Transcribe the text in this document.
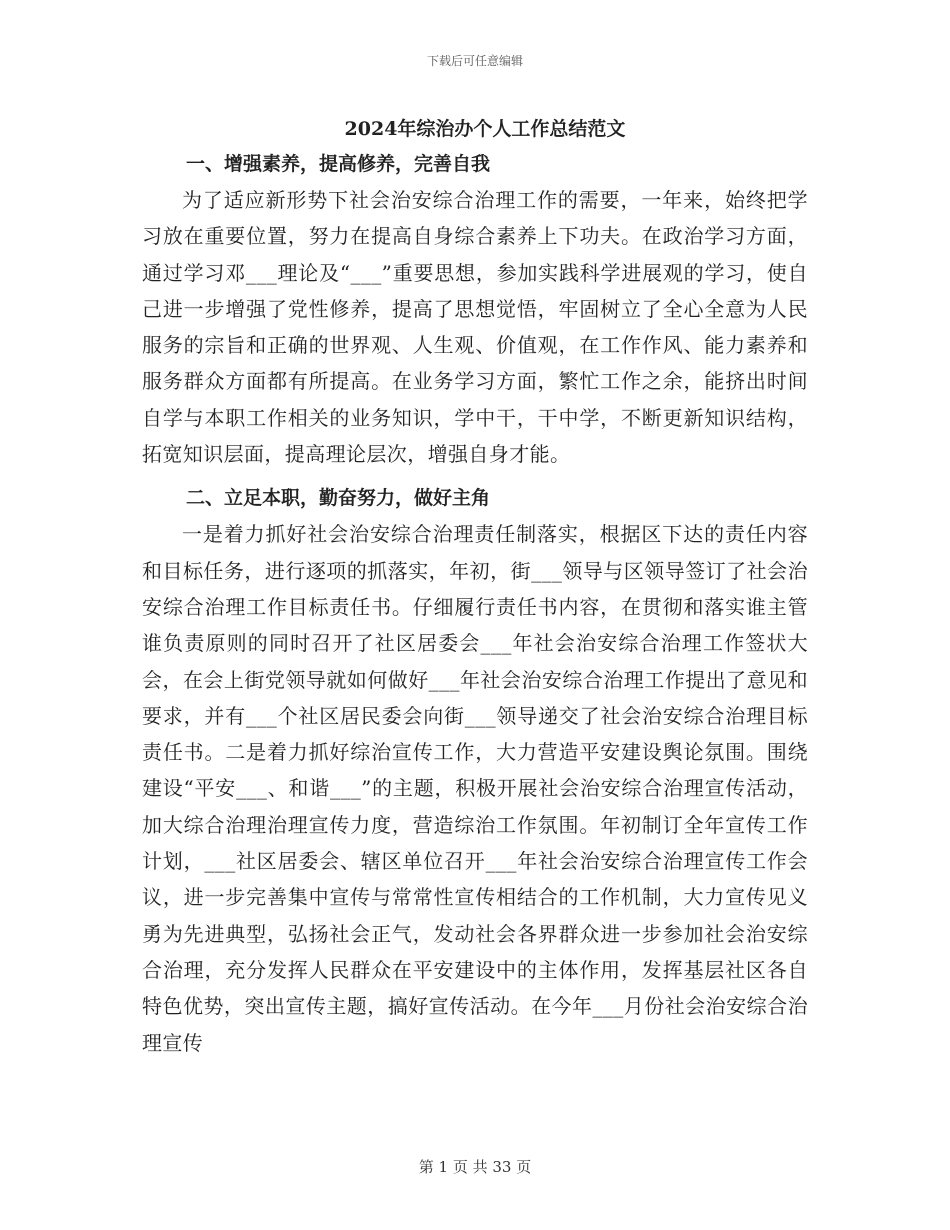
下载后可任意编辑
2024年综治办个人工作总结范文
一、增强素养，提高修养，完善自我

为了适应新形势下社会治安综合治理工作的需要，一年来，始终把学习放在重要位置，努力在提高自身综合素养上下功夫。在政治学习方面，通过学习邓___理论及“___”重要思想，参加实践科学进展观的学习，使自己进一步增强了党性修养，提高了思想觉悟，牢固树立了全心全意为人民服务的宗旨和正确的世界观、人生观、价值观，在工作作风、能力素养和服务群众方面都有所提高。在业务学习方面，繁忙工作之余，能挤出时间自学与本职工作相关的业务知识，学中干，干中学，不断更新知识结构，拓宽知识层面，提高理论层次，增强自身才能。

二、立足本职，勤奋努力，做好主角

一是着力抓好社会治安综合治理责任制落实，根据区下达的责任内容和目标任务，进行逐项的抓落实，年初，街___领导与区领导签订了社会治安综合治理工作目标责任书。仔细履行责任书内容，在贯彻和落实谁主管谁负责原则的同时召开了社区居委会___年社会治安综合治理工作签状大会，在会上街党领导就如何做好___年社会治安综合治理工作提出了意见和要求，并有___个社区居民委会向街___领导递交了社会治安综合治理目标责任书。二是着力抓好综治宣传工作，大力营造平安建设舆论氛围。围绕建设“平安___、和谐___”的主题，积极开展社会治安综合治理宣传活动，加大综合治理治理宣传力度，营造综治工作氛围。年初制订全年宣传工作计划，___社区居委会、辖区单位召开___年社会治安综合治理宣传工作会议，进一步完善集中宣传与常常性宣传相结合的工作机制，大力宣传见义勇为先进典型，弘扬社会正气，发动社会各界群众进一步参加社会治安综合治理，充分发挥人民群众在平安建设中的主体作用，发挥基层社区各自特色优势，突出宣传主题，搞好宣传活动。在今年___月份社会治安综合治理宣传

第 1 页 共 33 页
